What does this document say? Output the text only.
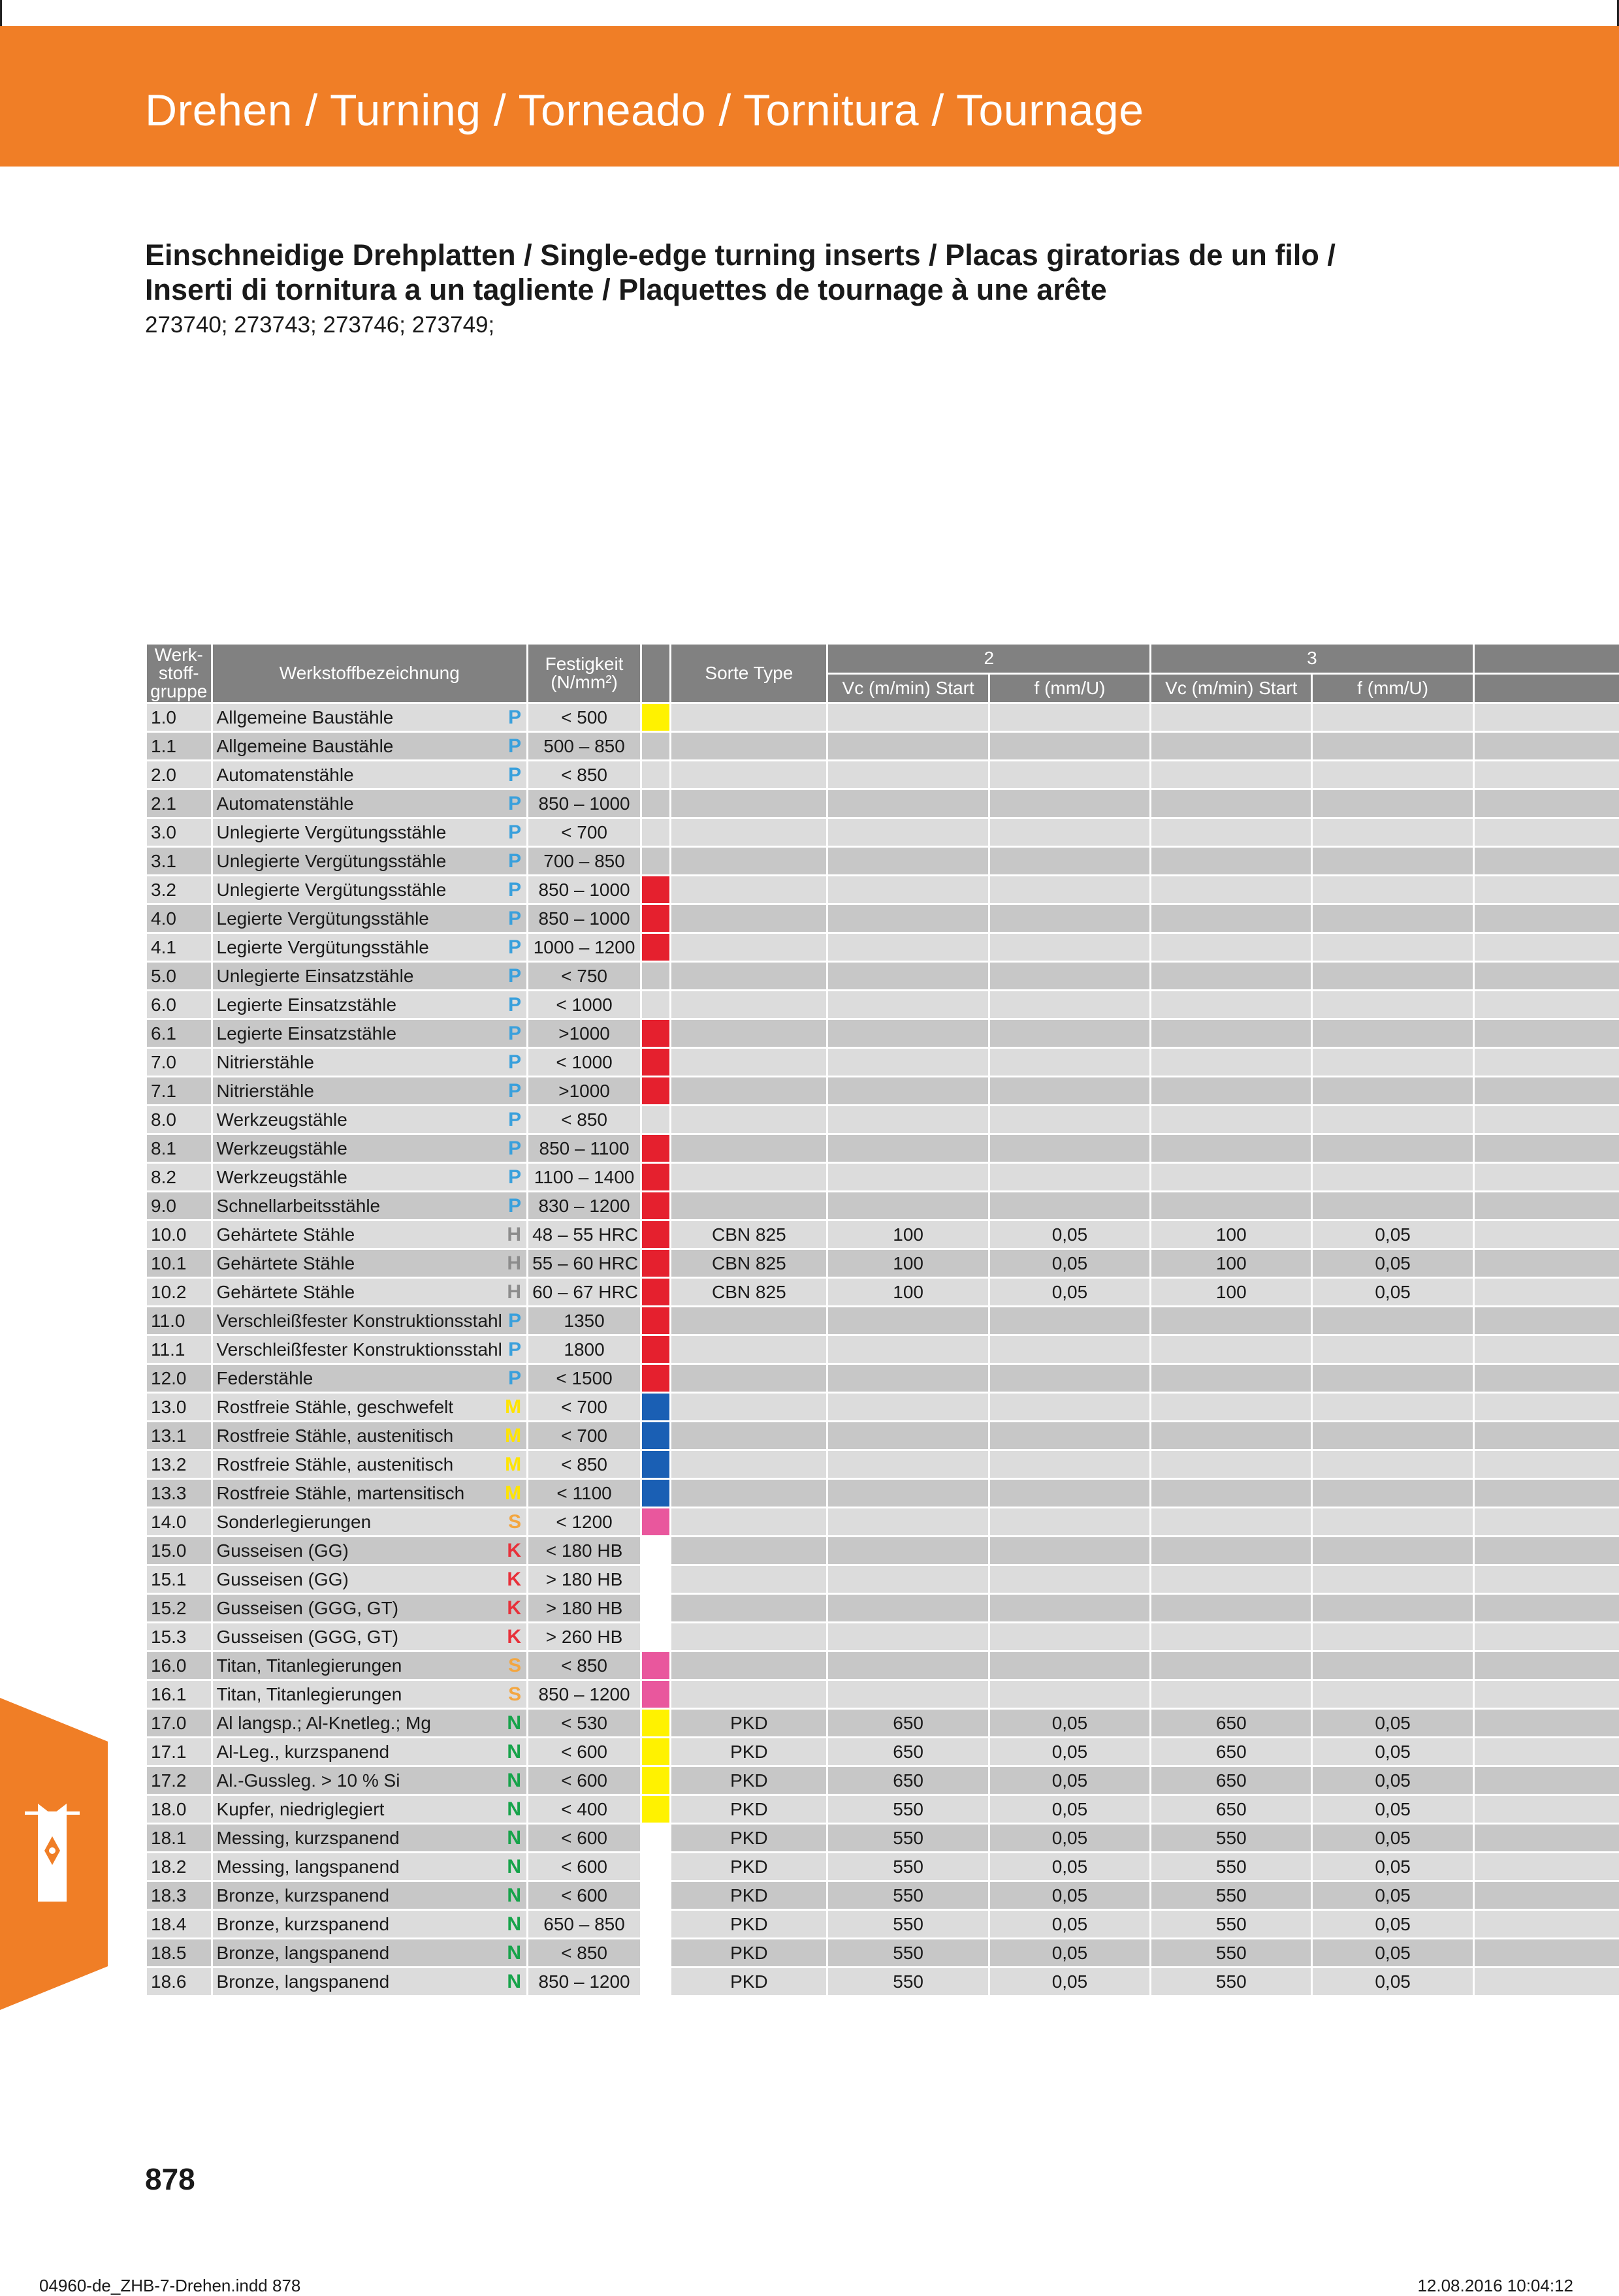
Drehen / Turning / Torneado / Tornitura / Tournage
Einschneidige Drehplatten / Single-edge turning inserts / Placas giratorias de un filo /
Inserti di tornitura a un tagliente / Plaquettes de tournage à une arête
273740; 273743; 273746; 273749;
Werk-stoff-gruppe	Werkstoffbezeichnung	Festigkeit (N/mm²)		Sorte Type	2		3		
					Vc (m/min) Start	f (mm/U)	Vc (m/min) Start	f (mm/U)	
1.0	Allgemeine Baustähle P	< 500							
1.1	Allgemeine Baustähle P	500 – 850							
2.0	Automatenstähle P	< 850							
2.1	Automatenstähle P	850 – 1000							
3.0	Unlegierte Vergütungsstähle P	< 700							
3.1	Unlegierte Vergütungsstähle P	700 – 850							
3.2	Unlegierte Vergütungsstähle P	850 – 1000							
4.0	Legierte Vergütungsstähle P	850 – 1000							
4.1	Legierte Vergütungsstähle P	1000 – 1200							
5.0	Unlegierte Einsatzstähle P	< 750							
6.0	Legierte Einsatzstähle P	< 1000							
6.1	Legierte Einsatzstähle P	>1000							
7.0	Nitrierstähle P	< 1000							
7.1	Nitrierstähle P	>1000							
8.0	Werkzeugstähle P	< 850							
8.1	Werkzeugstähle P	850 – 1100							
8.2	Werkzeugstähle P	1100 – 1400							
9.0	Schnellarbeitsstähle P	830 – 1200							
10.0	Gehärtete Stähle H	48 – 55 HRC		CBN 825	100	0,05	100	0,05	
10.1	Gehärtete Stähle H	55 – 60 HRC		CBN 825	100	0,05	100	0,05	
10.2	Gehärtete Stähle H	60 – 67 HRC		CBN 825	100	0,05	100	0,05	
11.0	Verschleißfester Konstruktionsstahl P	1350							
11.1	Verschleißfester Konstruktionsstahl P	1800							
12.0	Federstähle P	< 1500							
13.0	Rostfreie Stähle, geschwefelt M	< 700							
13.1	Rostfreie Stähle, austenitisch M	< 700							
13.2	Rostfreie Stähle, austenitisch M	< 850							
13.3	Rostfreie Stähle, martensitisch M	< 1100							
14.0	Sonderlegierungen S	< 1200							
15.0	Gusseisen (GG) K	< 180 HB							
15.1	Gusseisen (GG) K	> 180 HB							
15.2	Gusseisen (GGG, GT) K	> 180 HB							
15.3	Gusseisen (GGG, GT) K	> 260 HB							
16.0	Titan, Titanlegierungen S	< 850							
16.1	Titan, Titanlegierungen S	850 – 1200							
17.0	Al langsp.; Al-Knetleg.; Mg N	< 530		PKD	650	0,05	650	0,05	
17.1	Al-Leg., kurzspanend N	< 600		PKD	650	0,05	650	0,05	
17.2	Al.-Gussleg. > 10 % Si N	< 600		PKD	650	0,05	650	0,05	
18.0	Kupfer, niedriglegiert N	< 400		PKD	550	0,05	650	0,05	
18.1	Messing, kurzspanend N	< 600		PKD	550	0,05	550	0,05	
18.2	Messing, langspanend N	< 600		PKD	550	0,05	550	0,05	
18.3	Bronze, kurzspanend N	< 600		PKD	550	0,05	550	0,05	
18.4	Bronze, kurzspanend N	650 – 850		PKD	550	0,05	550	0,05	
18.5	Bronze, langspanend N	< 850		PKD	550	0,05	550	0,05	
18.6	Bronze, langspanend N	850 – 1200		PKD	550	0,05	550	0,05	
878
04960-de_ZHB-7-Drehen.indd 878	12.08.2016 10:04:12
